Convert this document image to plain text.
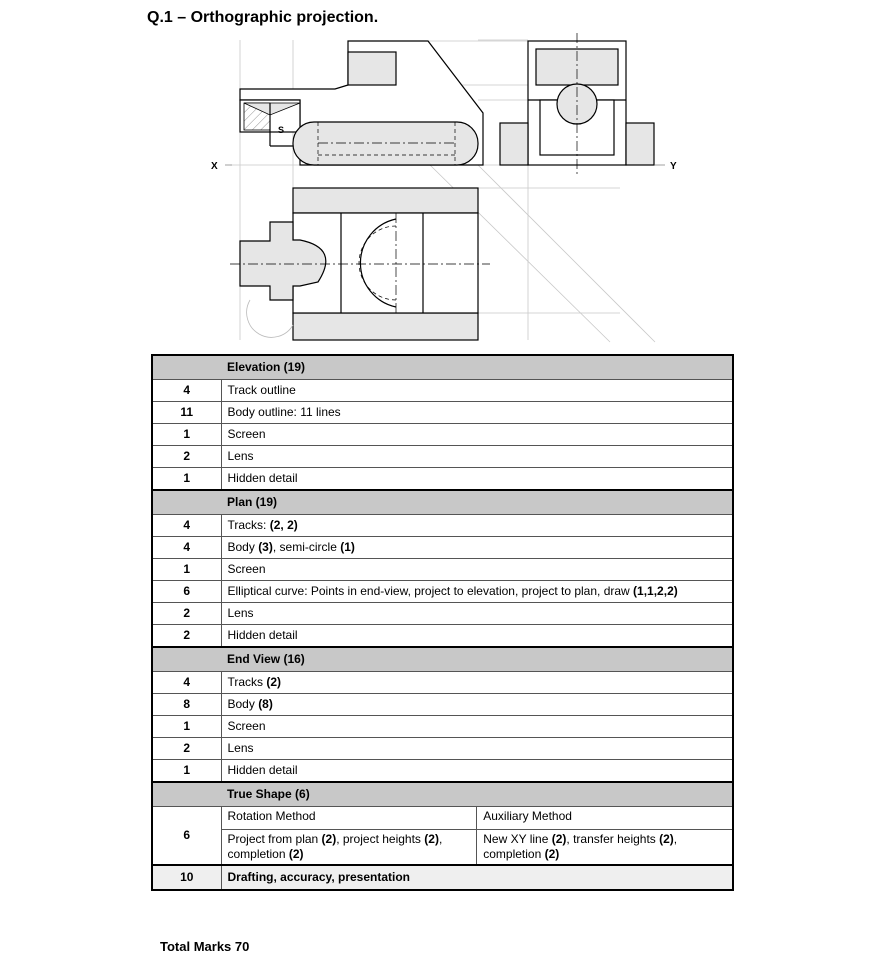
Q.1 – Orthographic projection.
X	Y
S
	Elevation (19)
4	Track outline
11	Body outline: 11 lines
1	Screen
2	Lens
1	Hidden detail
	Plan (19)
4	Tracks: (2, 2)
4	Body (3), semi-circle (1)
1	Screen
6	Elliptical curve: Points in end-view, project to elevation, project to plan, draw (1,1,2,2)
2	Lens
2	Hidden detail
	End View (16)
4	Tracks (2)
8	Body (8)
1	Screen
2	Lens
1	Hidden detail
	True Shape (6)
6	
Rotation Method	Auxiliary Method
Project from plan (2), project heights (2), completion (2)	New XY line (2), transfer heights (2), completion (2)

10	Drafting, accuracy, presentation
Total Marks 70
